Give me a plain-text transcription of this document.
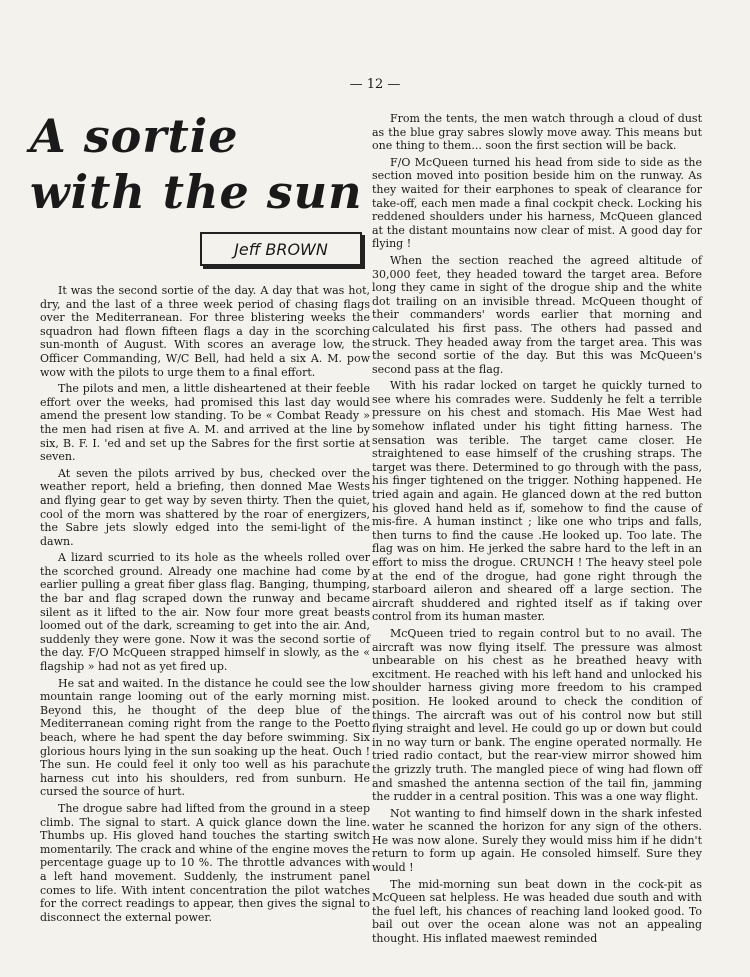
— 12 —
A sortie
with the sun
Jeff BROWN

It was the second sortie of the day. A day that was hot, dry, and the last of a three week period of chasing flags over the Mediterranean. For three blistering weeks the squadron had flown fifteen flags a day in the scorching sun-month of August. With scores an average low, the Officer Commanding, W/C Bell, had held a six A. M. pow wow with the pilots to urge them to a final effort.

The pilots and men, a little disheartened at their feeble effort over the weeks, had promised this last day would amend the present low standing. To be « Combat Ready » the men had risen at five A. M. and arrived at the line by six, B. F. I. 'ed and set up the Sabres for the first sortie at seven.

At seven the pilots arrived by bus, checked over the weather report, held a briefing, then donned Mae Wests and flying gear to get way by seven thirty. Then the quiet, cool of the morn was shattered by the roar of energizers, the Sabre jets slowly edged into the semi-light of the dawn.

A lizard scurried to its hole as the wheels rolled over the scorched ground. Already one machine had come by earlier pulling a great fiber glass flag. Banging, thumping, the bar and flag scraped down the runway and became silent as it lifted to the air. Now four more great beasts loomed out of the dark, screaming to get into the air. And, suddenly they were gone. Now it was the second sortie of the day. F/O McQueen strapped himself in slowly, as the « flagship » had not as yet fired up.

He sat and waited. In the distance he could see the low mountain range looming out of the early morning mist. Beyond this, he thought of the deep blue of the Mediterranean coming right from the range to the Poetto beach, where he had spent the day before swimming. Six glorious hours lying in the sun soaking up the heat. Ouch ! The sun. He could feel it only too well as his parachute harness cut into his shoulders, red from sunburn. He cursed the source of hurt.

The drogue sabre had lifted from the ground in a steep climb. The signal to start. A quick glance down the line. Thumbs up. His gloved hand touches the starting switch momentarily. The crack and whine of the engine moves the percentage guage up to 10 %. The throttle advances with a left hand movement. Suddenly, the instrument panel comes to life. With intent concentration the pilot watches for the correct readings to appear, then gives the signal to disconnect the external power.

From the tents, the men watch through a cloud of dust as the blue gray sabres slowly move away. This means but one thing to them... soon the first section will be back.

F/O McQueen turned his head from side to side as the section moved into position beside him on the runway. As they waited for their earphones to speak of clearance for take-off, each men made a final cockpit check. Locking his reddened shoulders under his harness, McQueen glanced at the distant mountains now clear of mist. A good day for flying !

When the section reached the agreed altitude of 30,000 feet, they headed toward the target area. Before long they came in sight of the drogue ship and the white dot trailing on an invisible thread. McQueen thought of their commanders' words earlier that morning and calculated his first pass. The others had passed and struck. They headed away from the target area. This was the second sortie of the day. But this was McQueen's second pass at the flag.

With his radar locked on target he quickly turned to see where his comrades were. Suddenly he felt a terrible pressure on his chest and stomach. His Mae West had somehow inflated under his tight fitting harness. The sensation was terible. The target came closer. He straightened to ease himself of the crushing straps. The target was there. Determined to go through with the pass, his finger tightened on the trigger. Nothing happened. He tried again and again. He glanced down at the red button his gloved hand held as if, somehow to find the cause of mis-fire. A human instinct ; like one who trips and falls, then turns to find the cause .He looked up. Too late. The flag was on him. He jerked the sabre hard to the left in an effort to miss the drogue. CRUNCH ! The heavy steel pole at the end of the drogue, had gone right through the starboard aileron and sheared off a large section. The aircraft shuddered and righted itself as if taking over control from its human master.

McQueen tried to regain control but to no avail. The aircraft was now flying itself. The pressure was almost unbearable on his chest as he breathed heavy with excitment. He reached with his left hand and unlocked his shoulder harness giving more freedom to his cramped position. He looked around to check the condition of things. The aircraft was out of his control now but still flying straight and level. He could go up or down but could in no way turn or bank. The engine operated normally. He tried radio contact, but the rear-view mirror showed him the grizzly truth. The mangled piece of wing had flown off and smashed the antenna section of the tail fin, jamming the rudder in a central position. This was a one way flight.

Not wanting to find himself down in the shark infested water he scanned the horizon for any sign of the others. He was now alone. Surely they would miss him if he didn't return to form up again. He consoled himself. Sure they would !

The mid-morning sun beat down in the cock-pit as McQueen sat helpless. He was headed due south and with the fuel left, his chances of reaching land looked good. To bail out over the ocean alone was not an appealing thought. His inflated maewest reminded
